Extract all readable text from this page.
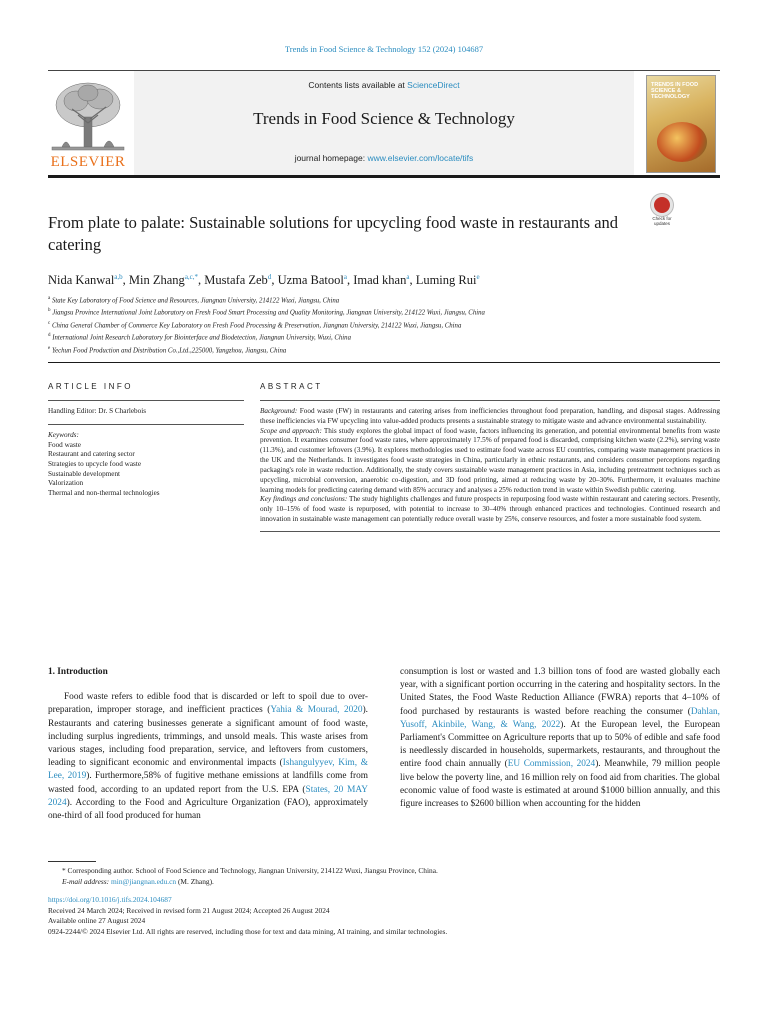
Trends in Food Science & Technology 152 (2024) 104687
ELSEVIER
Contents lists available at ScienceDirect
Trends in Food Science & Technology
journal homepage: www.elsevier.com/locate/tifs
TRENDS IN FOOD SCIENCE & TECHNOLOGY
Check for updates
From plate to palate: Sustainable solutions for upcycling food waste in restaurants and catering
Nida Kanwal$^{a,b}$, Min Zhang$^{a,c,*}$, Mustafa Zeb$^d$, Uzma Batool$^a$, Imad khan$^a$, Luming Rui$^e$
$^a$ State Key Laboratory of Food Science and Resources, Jiangnan University, 214122 Wuxi, Jiangsu, China
$^b$ Jiangsu Province International Joint Laboratory on Fresh Food Smart Processing and Quality Monitoring, Jiangnan University, 214122 Wuxi, Jiangsu, China
$^c$ China General Chamber of Commerce Key Laboratory on Fresh Food Processing & Preservation, Jiangnan University, 214122 Wuxi, Jiangsu, China
$^d$ International Joint Research Laboratory for Biointerface and Biodetection, Jiangnan University, Wuxi, China
$^e$ Yechun Food Production and Distribution Co.,Ltd.,225000, Yangzhou, Jiangsu, China
ARTICLE INFO
Handling Editor: Dr. S Charlebois
Keywords:
Food waste
Restaurant and catering sector
Strategies to upcycle food waste
Sustainable development
Valorization
Thermal and non-thermal technologies
ABSTRACT
Background: Food waste (FW) in restaurants and catering arises from inefficiencies throughout food preparation, handling, and disposal stages. Addressing these inefficiencies via FW upcycling into value-added products presents a sustainable strategy to mitigate waste and advance environmental sustainability.
Scope and approach: This study explores the global impact of food waste, factors influencing its generation, and potential environmental benefits from waste prevention. It examines consumer food waste rates, where approximately 17.5% of prepared food is discarded, comprising kitchen waste (2.2%), serving waste (11.3%), and customer leftovers (3.9%). It explores methodologies used to estimate food waste across EU countries, comparing waste management practices in the UK and the Netherlands. It investigates food waste strategies in China, particularly in ethnic restaurants, and considers consumer perceptions regarding packaging's role in waste reduction. Additionally, the study covers sustainable waste management practices in Asia, including pretreatment techniques such as upcycling, microbial conversion, anaerobic co-digestion, and 3D food printing, aimed at reducing waste by 20–30%. Furthermore, it evaluates machine learning models for predicting catering demand with 85% accuracy and analyses a 25% reduction trend in waste within Swedish public catering.
Key findings and conclusions: The study highlights challenges and future prospects in repurposing food waste within restaurant and catering sectors. Presently, only 10–15% of food waste is repurposed, with potential to increase to 30–40% through enhanced practices and technologies. Continued research and innovation in sustainable waste management can potentially reduce overall waste by 25%, conserve resources, and foster a more sustainable food system.
1. Introduction

Food waste refers to edible food that is discarded or left to spoil due to over-preparation, improper storage, and inefficient practices (Yahia & Mourad, 2020). Restaurants and catering businesses generate a significant amount of food waste, including surplus ingredients, trimmings, and unsold meals. This waste arises from various stages, including food preparation, service, and leftovers from customers, leading to significant economic and environmental impacts (Ishangulyyev, Kim, & Lee, 2019). Furthermore,58% of fugitive methane emissions at landfills come from wasted food, according to an updated report from the U.S. EPA (States, 20 MAY 2024). According to the Food and Agriculture Organization (FAO), approximately one-third of all food produced for human

consumption is lost or wasted and 1.3 billion tons of food are wasted globally each year, with a significant portion occurring in the catering and hospitality sectors. In the United States, the Food Waste Reduction Alliance (FWRA) reports that 4–10% of food purchased by restaurants is wasted before reaching the consumer (Dahlan, Yusoff, Akinbile, Wang, & Wang, 2022). At the European level, the European Parliament's Committee on Agriculture reports that up to 50% of edible and safe food is needlessly discarded in households, supermarkets, restaurants, and throughout the entire food chain annually (EU Commission, 2024). Meanwhile, 79 million people live below the poverty line, and 16 million rely on food aid from charities. The global economic value of food waste is estimated at around $1000 billion annually, and this figure increases to $2600 billion when accounting for the hidden

* Corresponding author. School of Food Science and Technology, Jiangnan University, 214122 Wuxi, Jiangsu Province, China.
E-mail address: min@jiangnan.edu.cn (M. Zhang).
https://doi.org/10.1016/j.tifs.2024.104687
Received 24 March 2024; Received in revised form 21 August 2024; Accepted 26 August 2024
Available online 27 August 2024
0924-2244/© 2024 Elsevier Ltd. All rights are reserved, including those for text and data mining, AI training, and similar technologies.
